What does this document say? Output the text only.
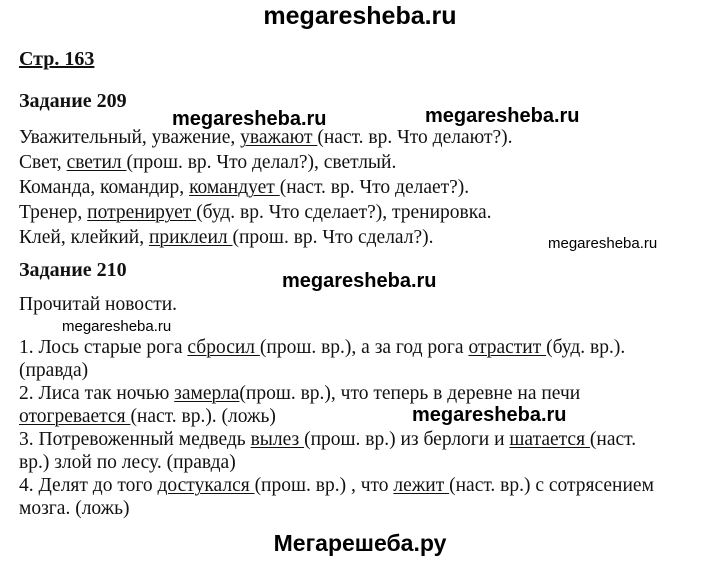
megaresheba.ru
Стр. 163
Задание 209
megaresheba.ru	megaresheba.ru
Уважительный, уважение, уважают (наст. вр. Что делают?).
Свет, светил (прош. вр. Что делал?), светлый.
Команда, командир, командует (наст. вр. Что делает?).
Тренер, потренирует (буд. вр. Что сделает?), тренировка.
Клей, клейкий, приклеил (прош. вр. Что сделал?).	megaresheba.ru
Задание 210	megaresheba.ru
Прочитай новости.
megaresheba.ru
1. Лось старые рога сбросил (прош. вр.), а за год рога отрастит (буд. вр.).
(правда)
2. Лиса так ночью замерла(прош. вр.), что теперь в деревне на печи
отогревается (наст. вр.). (ложь)	megaresheba.ru
3. Потревоженный медведь вылез (прош. вр.) из берлоги и шатается (наст.
вр.) злой по лесу. (правда)
4. Делят до того достукался (прош. вр.) , что лежит (наст. вр.) с сотрясением
мозга. (ложь)
Мегарешеба.ру
